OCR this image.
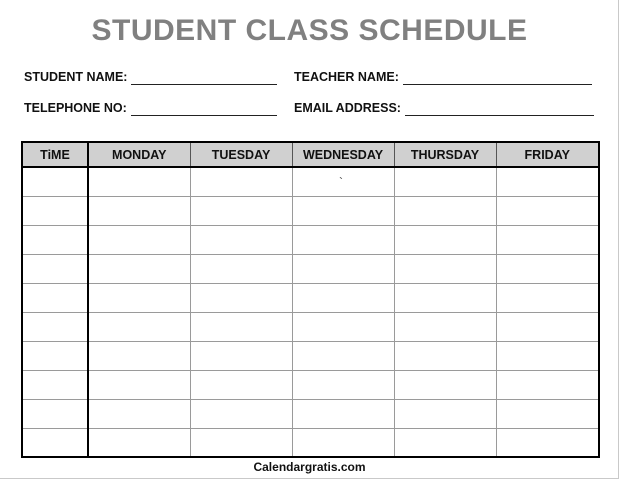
STUDENT CLASS SCHEDULE
STUDENT NAME:	TEACHER NAME:
TELEPHONE NO:	EMAIL ADDRESS:
TiME	MONDAY	TUESDAY	WEDNESDAY	THURSDAY	FRIDAY
			`		

Calendargratis.com
